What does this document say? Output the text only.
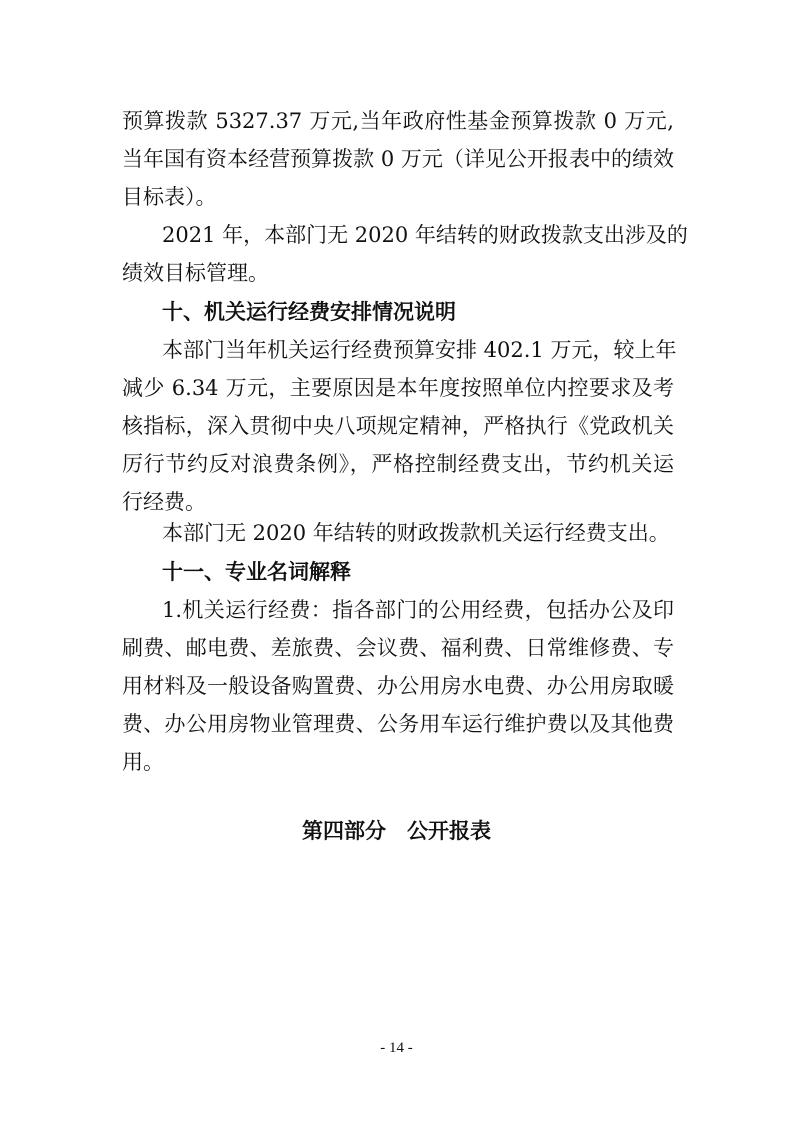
预算拨款 5327.37 万元,当年政府性基金预算拨款 0 万元,
当年国有资本经营预算拨款 0 万元（详见公开报表中的绩效
目标表）。
2021 年，本部门无 2020 年结转的财政拨款支出涉及的
绩效目标管理。
十、机关运行经费安排情况说明
本部门当年机关运行经费预算安排 402.1 万元，较上年
减少 6.34 万元，主要原因是本年度按照单位内控要求及考
核指标，深入贯彻中央八项规定精神，严格执行《党政机关
厉行节约反对浪费条例》，严格控制经费支出，节约机关运
行经费。
本部门无 2020 年结转的财政拨款机关运行经费支出。
十一、专业名词解释
1.机关运行经费：指各部门的公用经费，包括办公及印
刷费、邮电费、差旅费、会议费、福利费、日常维修费、专
用材料及一般设备购置费、办公用房水电费、办公用房取暖
费、办公用房物业管理费、公务用车运行维护费以及其他费
用。
第四部分　公开报表
- 14 -
